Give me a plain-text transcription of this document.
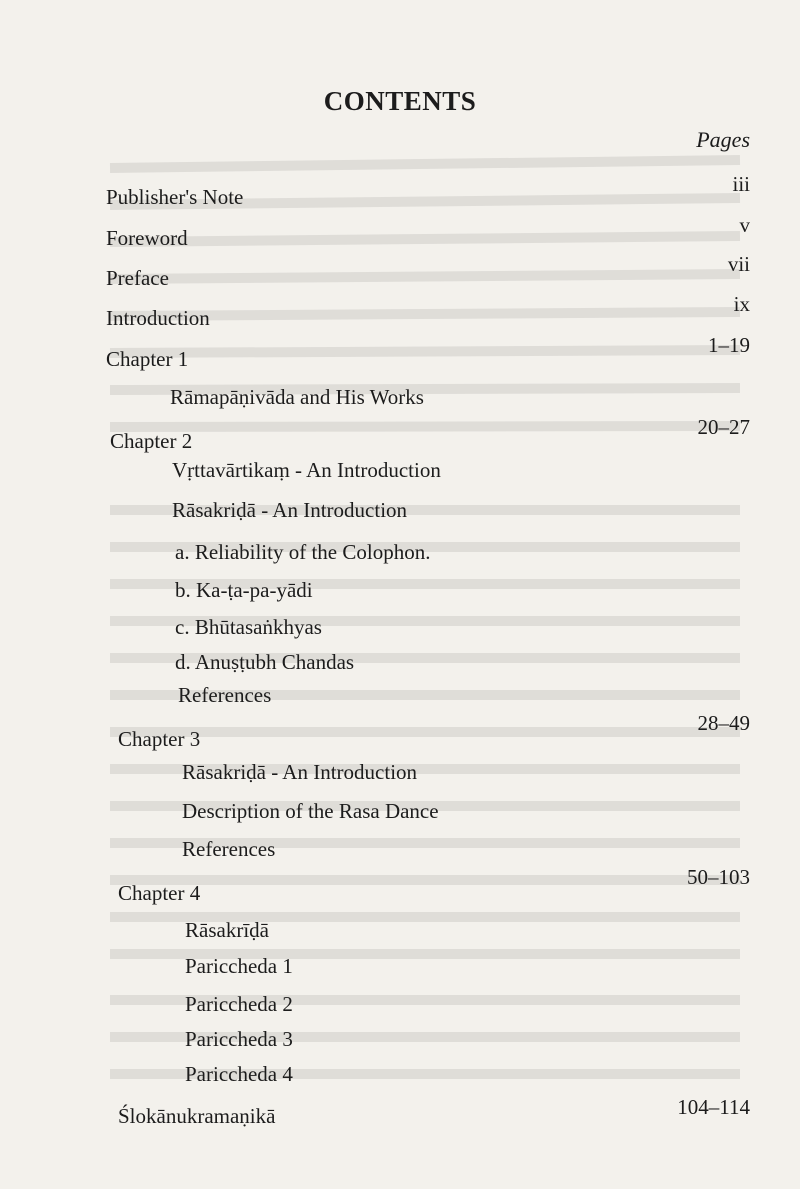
CONTENTS
Pages
Publisher's Note
iii
Foreword
v
Preface
vii
Introduction
ix
Chapter 1
1–19
Rāmapāṇivāda and His Works
Chapter 2
20–27
Vṛttavārtikaṃ - An Introduction
Rāsakriḍā - An Introduction
a. Reliability of the Colophon.
b. Ka-ṭa-pa-yādi
c. Bhūtasaṅkhyas
d. Anuṣṭubh Chandas
References
Chapter 3
28–49
Rāsakriḍā - An Introduction
Description of the Rasa Dance
References
Chapter 4
50–103
Rāsakrīḍā
Pariccheda 1
Pariccheda 2
Pariccheda 3
Pariccheda 4
Ślokānukramaṇikā	104–114
